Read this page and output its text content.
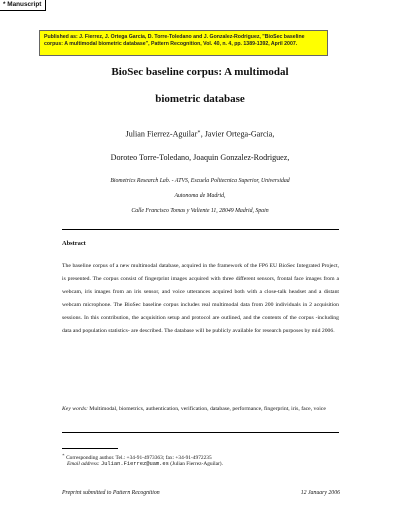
* Manuscript
Published as: J. Fierrez, J. Ortega Garcia, D. Torre-Toledano and J. Gonzalez-Rodriguez, "BioSec baseline
corpus: A multimodal biometric database", Pattern Recognition, Vol. 40, n. 4, pp. 1389-1392, April 2007.
BioSec baseline corpus: A multimodal
biometric database
Julian Fierrez-Aguilar∗, Javier Ortega-Garcia,
Doroteo Torre-Toledano, Joaquin Gonzalez-Rodriguez,
Biometrics Research Lab. - ATVS, Escuela Politecnica Superior, Universidad
Autonoma de Madrid,
Calle Francisco Tomas y Valiente 11, 28049 Madrid, Spain
Abstract

The baseline corpus of a new multimodal database, acquired in the framework of the FP6 EU BioSec Integrated Project, is presented. The corpus consist of fingerprint images acquired with three different sensors, frontal face images from a webcam, iris images from an iris sensor, and voice utterances acquired both with a close-talk headset and a distant webcam microphone. The BioSec baseline corpus includes real multimodal data from 200 individuals in 2 acquisition sessions. In this contribution, the acquisition setup and protocol are outlined, and the contents of the corpus -including data and population statistics- are described. The database will be publicly available for research purposes by mid 2006.

Key words: Multimodal, biometrics, authentication, verification, database, performance, fingerprint, iris, face, voice
∗ Corresponding author. Tel.: +34-91-4973363; fax: +34-91-4972235
Email address: Julian.Fierrez@uam.es (Julian Fierrez-Aguilar).
Preprint submitted to Pattern Recognition	12 January 2006
